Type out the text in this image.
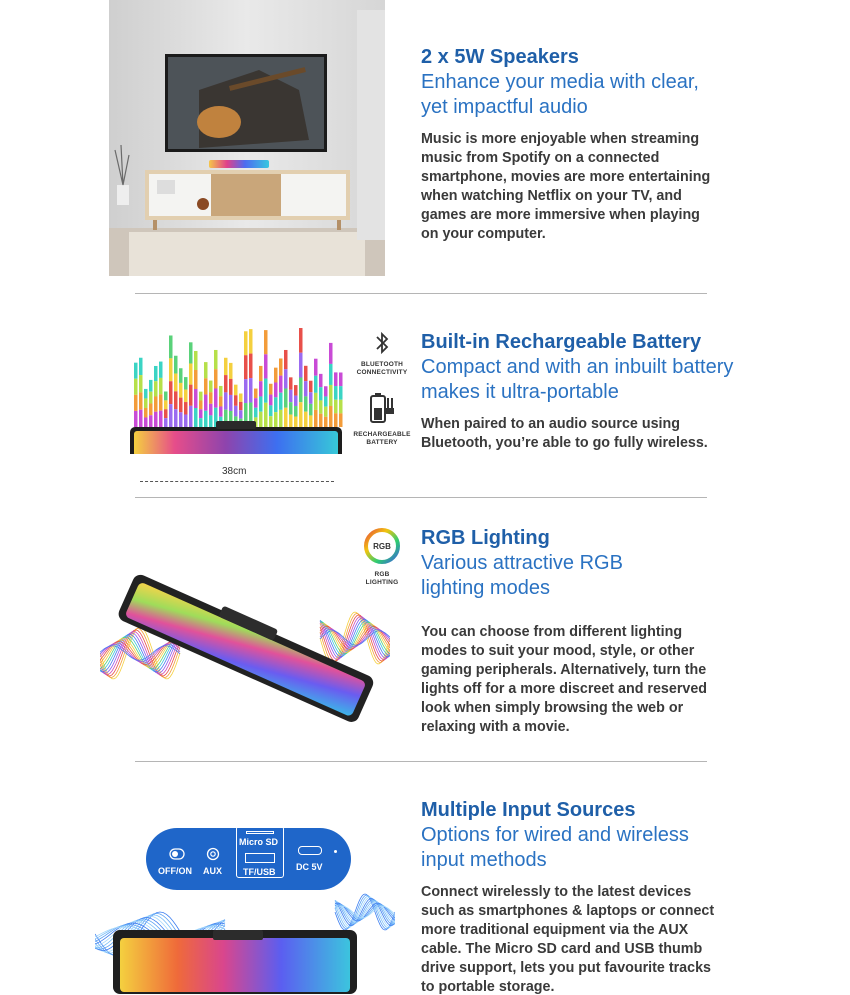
2 x 5W Speakers
Enhance your media with clear,
yet impactful audio
Music is more enjoyable when streaming
music from Spotify on a connected
smartphone, movies are more entertaining
when watching Netflix on your TV, and
games are more immersive when playing
on your computer.
38cm
BLUETOOTH
CONNECTIVITY
RECHARGEABLE
BATTERY
Built-in Rechargeable Battery
Compact and with an inbuilt battery
makes it ultra-portable
When paired to an audio source using
Bluetooth, you’re able to go fully wireless.
RGB
RGB
LIGHTING
RGB Lighting
Various attractive RGB
lighting modes
You can choose from different lighting
modes to suit your mood, style, or other
gaming peripherals. Alternatively, turn the
lights off for a more discreet and reserved
look when simply browsing the web or
relaxing with a movie.
OFF/ON AUX
Micro SD
TF/USB DC 5V
Multiple Input Sources
Options for wired and wireless
input methods
Connect wirelessly to the latest devices
such as smartphones & laptops or connect
more traditional equipment via the AUX
cable. The Micro SD card and USB thumb
drive support, lets you put favourite tracks
to portable storage.
